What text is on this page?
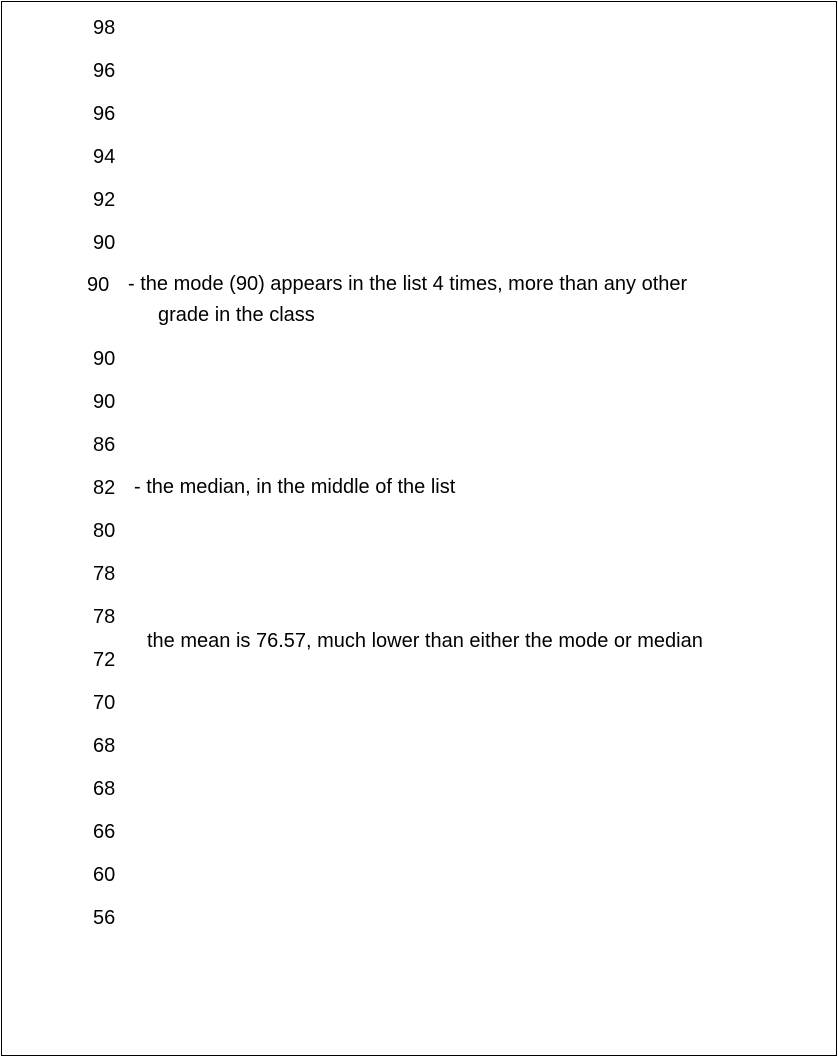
98
96
96
94
92
90
90
90
90
86
82
80
78
78
72
70
68
68
66
60
56
- the mode (90) appears in the list 4 times, more than any other
grade in the class
- the median, in the middle of the list
the mean is 76.57, much lower than either the mode or median
